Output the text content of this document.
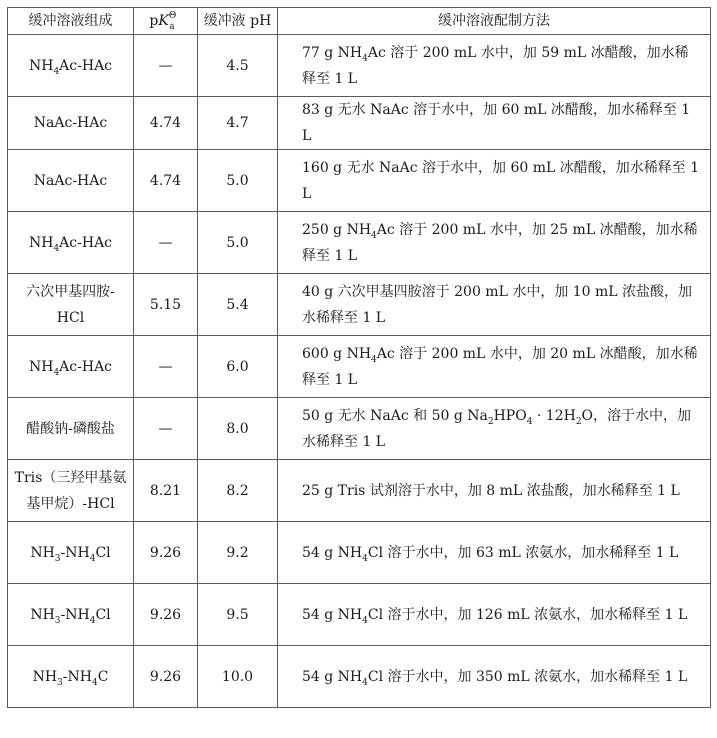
缓冲溶液组成	$pK^\Theta_a$	缓冲液 pH	缓冲溶液配制方法
$NH_4Ac$-HAc	—	4.5	77 g $NH_4Ac$ 溶于 200 mL 水中，加 59 mL 冰醋酸，加水稀释至 1 L
NaAc-HAc	4.74	4.7	83 g 无水 NaAc 溶于水中，加 60 mL 冰醋酸，加水稀释至 1 L
NaAc-HAc	4.74	5.0	160 g 无水 NaAc 溶于水中，加 60 mL 冰醋酸，加水稀释至 1 L
$NH_4Ac$-HAc	—	5.0	250 g $NH_4Ac$ 溶于 200 mL 水中，加 25 mL 冰醋酸，加水稀释至 1 L
六次甲基四胺-HCl	5.15	5.4	40 g 六次甲基四胺溶于 200 mL 水中，加 10 mL 浓盐酸，加水稀释至 1 L
$NH_4Ac$-HAc	—	6.0	600 g $NH_4Ac$ 溶于 200 mL 水中，加 20 mL 冰醋酸，加水稀释至 1 L
醋酸钠-磷酸盐	—	8.0	50 g 无水 NaAc 和 50 g $Na_2HPO_4 \cdot 12H_2O$，溶于水中，加水稀释至 1 L
Tris（三羟甲基氨基甲烷）-HCl	8.21	8.2	25 g Tris 试剂溶于水中，加 8 mL 浓盐酸，加水稀释至 1 L
$NH_3-NH_4Cl$	9.26	9.2	54 g $NH_4Cl$ 溶于水中，加 63 mL 浓氨水，加水稀释至 1 L
$NH_3-NH_4Cl$	9.26	9.5	54 g $NH_4Cl$ 溶于水中，加 126 mL 浓氨水，加水稀释至 1 L
$NH_3-NH_4C$	9.26	10.0	54 g $NH_4Cl$ 溶于水中，加 350 mL 浓氨水，加水稀释至 1 L
